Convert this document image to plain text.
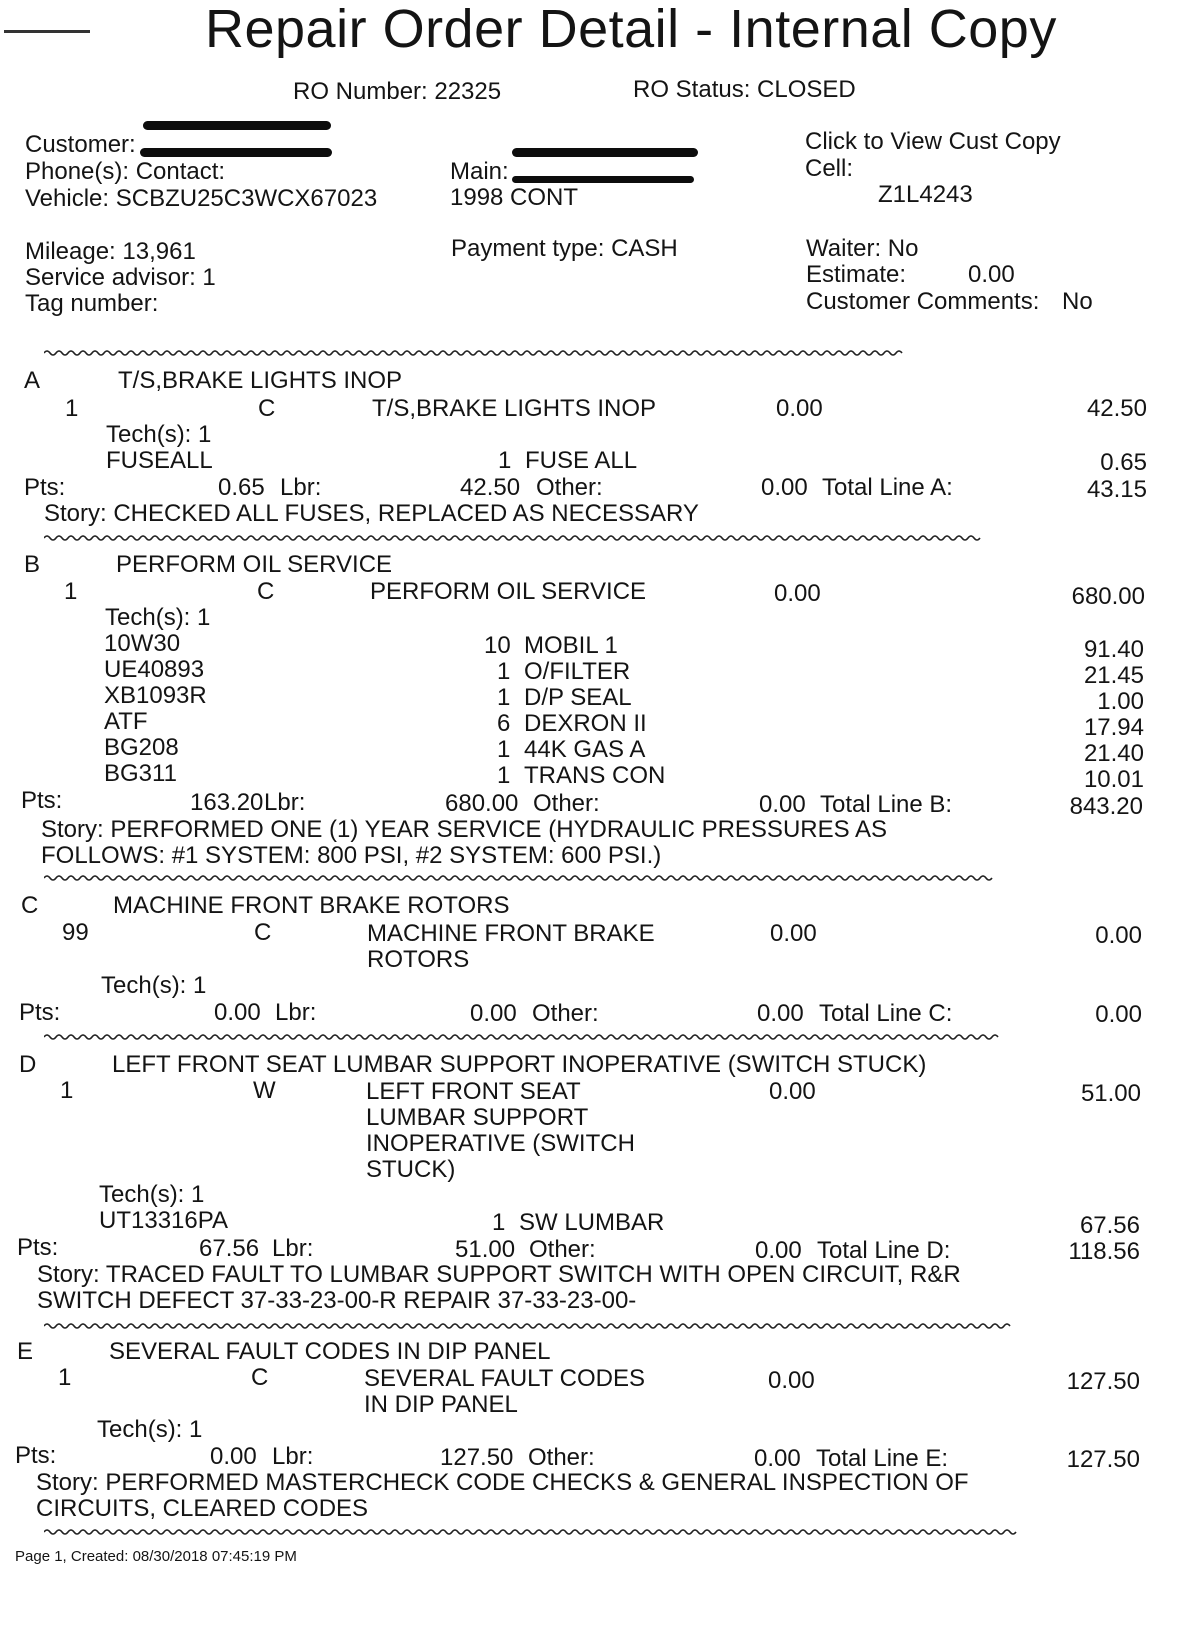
Repair Order Detail - Internal Copy
RO Number: 22325	RO Status: CLOSED
Customer:
Phone(s): Contact:
Vehicle: SCBZU25C3WCX67023
Main:
1998 CONT
Click to View Cust Copy
Cell:
Z1L4243
Mileage: 13,961
Service advisor: 1
Tag number:
Payment type: CASH	Waiter: No
Estimate:	0.00
Customer Comments: No
A	T/S,BRAKE LIGHTS INOP
1	C	T/S,BRAKE LIGHTS INOP	0.00	42.50
Tech(s): 1
FUSEALL	1 FUSE ALL	0.65
Pts:	0.65 Lbr:	42.50 Other:	0.00 Total Line A:	43.15
Story: CHECKED ALL FUSES, REPLACED AS NECESSARY
B	PERFORM OIL SERVICE
1	C	PERFORM OIL SERVICE	0.00	680.00
Tech(s): 1
10W30	10 MOBIL 1	91.40
UE40893	1 O/FILTER	21.45
XB1093R	1 D/P SEAL	1.00
ATF	6 DEXRON II	17.94
BG208	1 44K GAS A	21.40
BG311	1 TRANS CON	10.01
Pts:	163.20 Lbr:	680.00 Other:	0.00 Total Line B:	843.20
Story: PERFORMED ONE (1) YEAR SERVICE (HYDRAULIC PRESSURES AS
FOLLOWS: #1 SYSTEM: 800 PSI, #2 SYSTEM: 600 PSI.)
C	MACHINE FRONT BRAKE ROTORS
99	C	MACHINE FRONT BRAKE
ROTORS
0.00	0.00
Tech(s): 1
Pts:	0.00 Lbr:	0.00 Other:	0.00 Total Line C:	0.00
D	LEFT FRONT SEAT LUMBAR SUPPORT INOPERATIVE (SWITCH STUCK)
1	W	LEFT FRONT SEAT
LUMBAR SUPPORT
INOPERATIVE (SWITCH
STUCK)
0.00	51.00
Tech(s): 1
UT13316PA	1 SW LUMBAR	67.56
Pts:	67.56 Lbr:	51.00 Other:	0.00 Total Line D:	118.56
Story: TRACED FAULT TO LUMBAR SUPPORT SWITCH WITH OPEN CIRCUIT, R&R
SWITCH DEFECT 37-33-23-00-R REPAIR 37-33-23-00-
E	SEVERAL FAULT CODES IN DIP PANEL
1	C	SEVERAL FAULT CODES
IN DIP PANEL
0.00	127.50
Tech(s): 1
Pts:	0.00 Lbr:	127.50 Other:	0.00 Total Line E:	127.50
Story: PERFORMED MASTERCHECK CODE CHECKS & GENERAL INSPECTION OF
CIRCUITS, CLEARED CODES
Page 1, Created: 08/30/2018 07:45:19 PM
